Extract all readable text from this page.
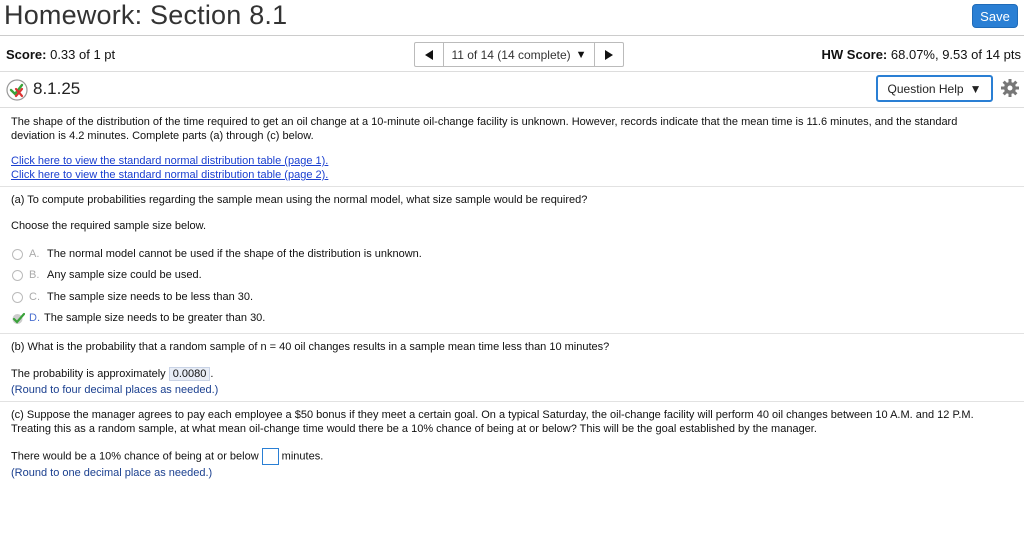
Homework: Section 8.1	Save
Score: 0.33 of 1 pt	11 of 14 (14 complete) ▼	HW Score: 68.07%, 9.53 of 14 pts
8.1.25	Question Help ▼
The shape of the distribution of the time required to get an oil change at a 10-minute oil-change facility is unknown. However, records indicate that the mean time is 11.6 minutes, and the standard
deviation is 4.2 minutes. Complete parts (a) through (c) below.
Click here to view the standard normal distribution table (page 1).
Click here to view the standard normal distribution table (page 2).
(a) To compute probabilities regarding the sample mean using the normal model, what size sample would be required?
Choose the required sample size below.
A. The normal model cannot be used if the shape of the distribution is unknown.
B. Any sample size could be used.
C. The sample size needs to be less than 30.
D. The sample size needs to be greater than 30.
(b) What is the probability that a random sample of n = 40 oil changes results in a sample mean time less than 10 minutes?
The probability is approximately 0.0080 .
(Round to four decimal places as needed.)
(c) Suppose the manager agrees to pay each employee a $50 bonus if they meet a certain goal. On a typical Saturday, the oil-change facility will perform 40 oil changes between 10 A.M. and 12 P.M.
Treating this as a random sample, at what mean oil-change time would there be a 10% chance of being at or below? This will be the goal established by the manager.
There would be a 10% chance of being at or below minutes.
(Round to one decimal place as needed.)
